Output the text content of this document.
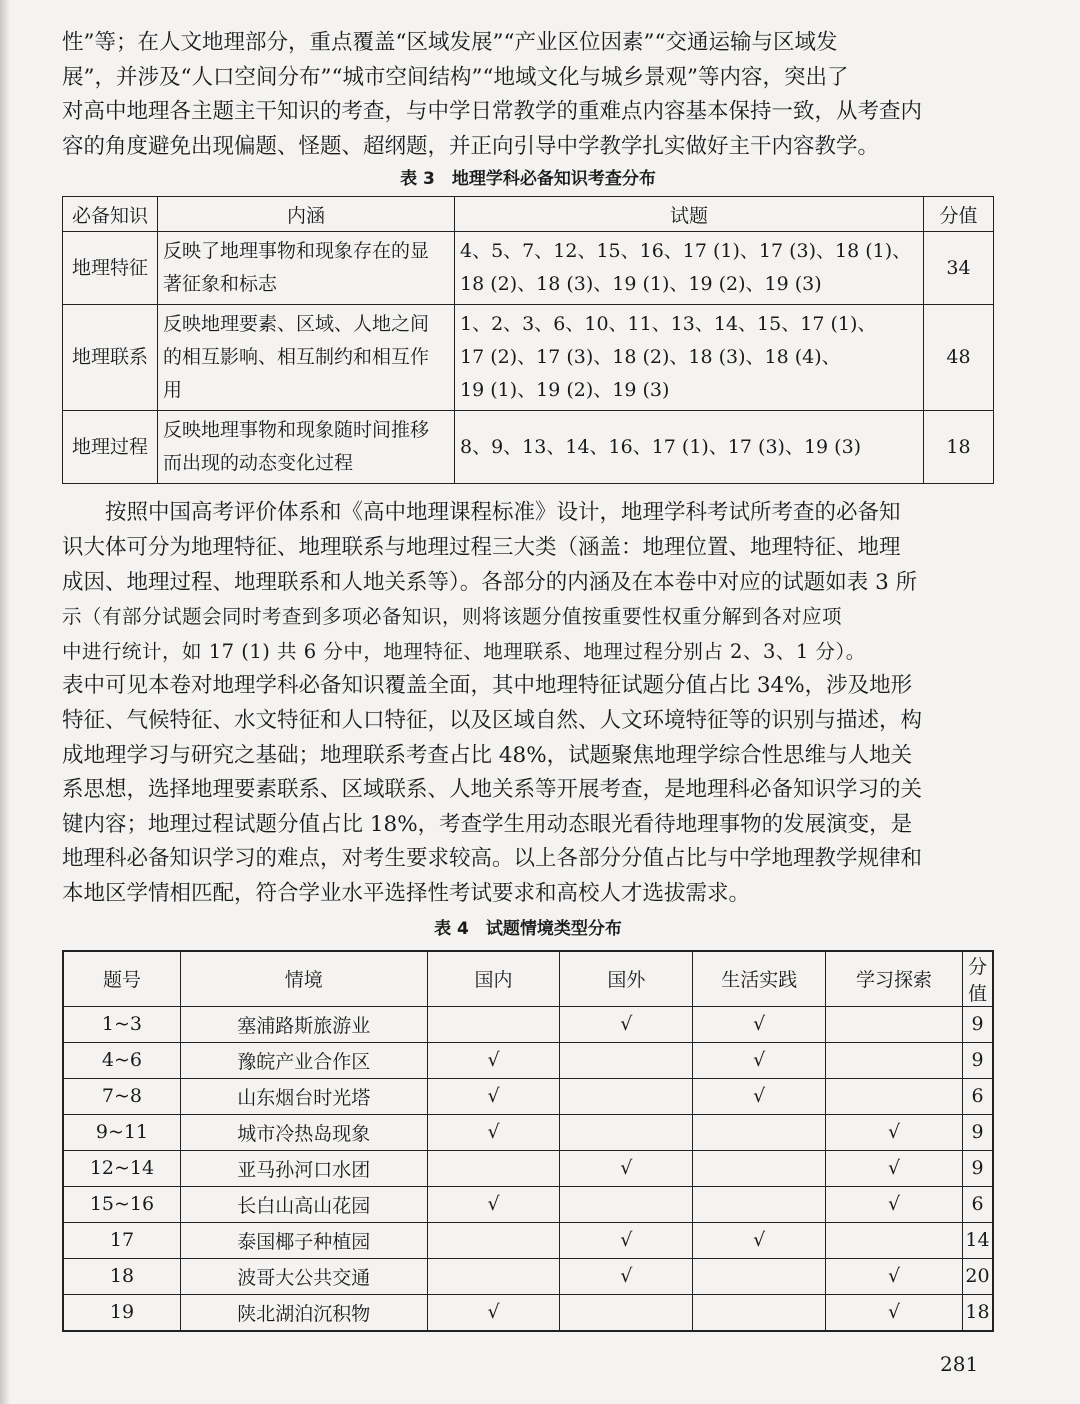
性”等；在人文地理部分，重点覆盖“区域发展”“产业区位因素”“交通运输与区域发
展”，并涉及“人口空间分布”“城市空间结构”“地域文化与城乡景观”等内容，突出了
对高中地理各主题主干知识的考查，与中学日常教学的重难点内容基本保持一致，从考查内
容的角度避免出现偏题、怪题、超纲题，并正向引导中学教学扎实做好主干内容教学。

表 3　地理学科必备知识考查分布
必备知识	内涵	试题	分值
地理特征	反映了地理事物和现象存在的显
著征象和标志	4、5、7、12、15、16、17 (1)、17 (3)、18 (1)、
18 (2)、18 (3)、19 (1)、19 (2)、19 (3)	34
地理联系	反映地理要素、区域、人地之间
的相互影响、相互制约和相互作
用	1、2、3、6、10、11、13、14、15、17 (1)、
17 (2)、17 (3)、18 (2)、18 (3)、18 (4)、
19 (1)、19 (2)、19 (3)	48
地理过程	反映地理事物和现象随时间推移
而出现的动态变化过程	8、9、13、14、16、17 (1)、17 (3)、19 (3)	18

按照中国高考评价体系和《高中地理课程标准》设计，地理学科考试所考查的必备知
识大体可分为地理特征、地理联系与地理过程三大类（涵盖：地理位置、地理特征、地理
成因、地理过程、地理联系和人地关系等）。各部分的内涵及在本卷中对应的试题如表 3 所
示（有部分试题会同时考查到多项必备知识，则将该题分值按重要性权重分解到各对应项
中进行统计，如 17 (1) 共 6 分中，地理特征、地理联系、地理过程分别占 2、3、1 分）。
表中可见本卷对地理学科必备知识覆盖全面，其中地理特征试题分值占比 34%，涉及地形
特征、气候特征、水文特征和人口特征，以及区域自然、人文环境特征等的识别与描述，构
成地理学习与研究之基础；地理联系考查占比 48%，试题聚焦地理学综合性思维与人地关
系思想，选择地理要素联系、区域联系、人地关系等开展考查，是地理科必备知识学习的关
键内容；地理过程试题分值占比 18%，考查学生用动态眼光看待地理事物的发展演变，是
地理科必备知识学习的难点，对考生要求较高。以上各部分分值占比与中学地理教学规律和
本地区学情相匹配，符合学业水平选择性考试要求和高校人才选拔需求。

表 4　试题情境类型分布
题号	情境	国内	国外	生活实践	学习探索	分值
1~3	塞浦路斯旅游业		√	√		9
4~6	豫皖产业合作区	√		√		9
7~8	山东烟台时光塔	√		√		6
9~11	城市冷热岛现象	√			√	9
12~14	亚马孙河口水团		√		√	9
15~16	长白山高山花园	√			√	6
17	泰国椰子种植园		√	√		14
18	波哥大公共交通		√		√	20
19	陕北湖泊沉积物	√			√	18
281
